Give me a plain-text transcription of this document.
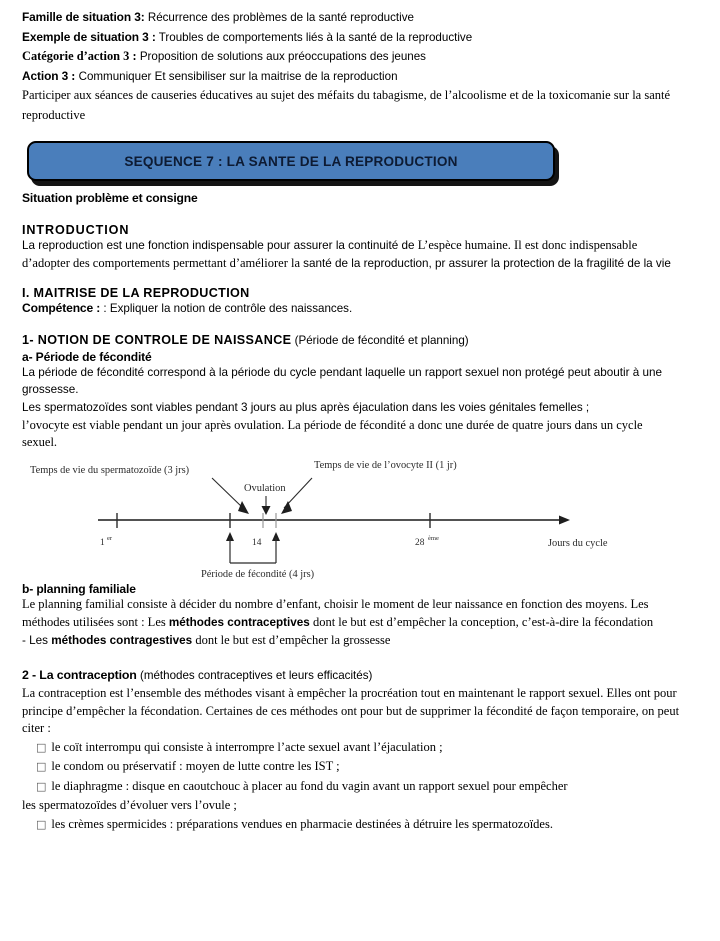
Famille de situation 3: Récurrence des problèmes de la santé reproductive
Exemple de situation 3 : Troubles de comportements liés à la santé de la reproductive
Catégorie d’action 3 : Proposition de solutions aux préoccupations des jeunes
Action 3 : Communiquer Et sensibiliser sur la maitrise de la reproduction
Participer aux séances de causeries éducatives au sujet des méfaits du tabagisme, de l’alcoolisme et de la toxicomanie sur la santé reproductive
SEQUENCE 7 : LA SANTE DE LA REPRODUCTION
Situation problème et consigne
INTRODUCTION
La reproduction est une fonction indispensable pour assurer la continuité de L’espèce humaine. Il est donc indispensable d’adopter des comportements permettant d’améliorer la santé de la reproduction, pr assurer la protection de la fragilité de la vie
I. MAITRISE DE LA REPRODUCTION
Compétence : : Expliquer la notion de contrôle des naissances.
1- NOTION DE CONTROLE DE NAISSANCE (Période de fécondité et planning)
a- Période de fécondité
La période de fécondité correspond à la période du cycle pendant laquelle un rapport sexuel non protégé peut aboutir à une grossesse.
Les spermatozoïdes sont viables pendant 3 jours au plus après éjaculation dans les voies génitales femelles ;
l’ovocyte est viable pendant un jour après ovulation. La période de fécondité a donc une durée de quatre jours dans un cycle sexuel.
Temps de vie du spermatozoïde (3 jrs)
Ovulation
Temps de vie de l’ovocyte II (1 jr)
1 er	14	28 ème	Jours du cycle
Période de fécondité (4 jrs)
b- planning familiale
Le planning familial consiste à décider du nombre d’enfant, choisir le moment de leur naissance en fonction des moyens. Les méthodes utilisées sont : Les méthodes contraceptives dont le but est d’empêcher la conception, c’est-à-dire la fécondation
- Les méthodes contragestives dont le but est d’empêcher la grossesse
2 - La contraception (méthodes contraceptives et leurs efficacités)
La contraception est l’ensemble des méthodes visant à empêcher la procréation tout en maintenant le rapport sexuel. Elles ont pour principe d’empêcher la fécondation. Certaines de ces méthodes ont pour but de supprimer la fécondité de façon temporaire, on peut citer :
□ le coït interrompu qui consiste à interrompre l’acte sexuel avant l’éjaculation ;
□ le condom ou préservatif : moyen de lutte contre les IST ;
□ le diaphragme : disque en caoutchouc à placer au fond du vagin avant un rapport sexuel pour empêcher
les spermatozoïdes d’évoluer vers l’ovule ;
□ les crèmes spermicides : préparations vendues en pharmacie destinées à détruire les spermatozoïdes.
